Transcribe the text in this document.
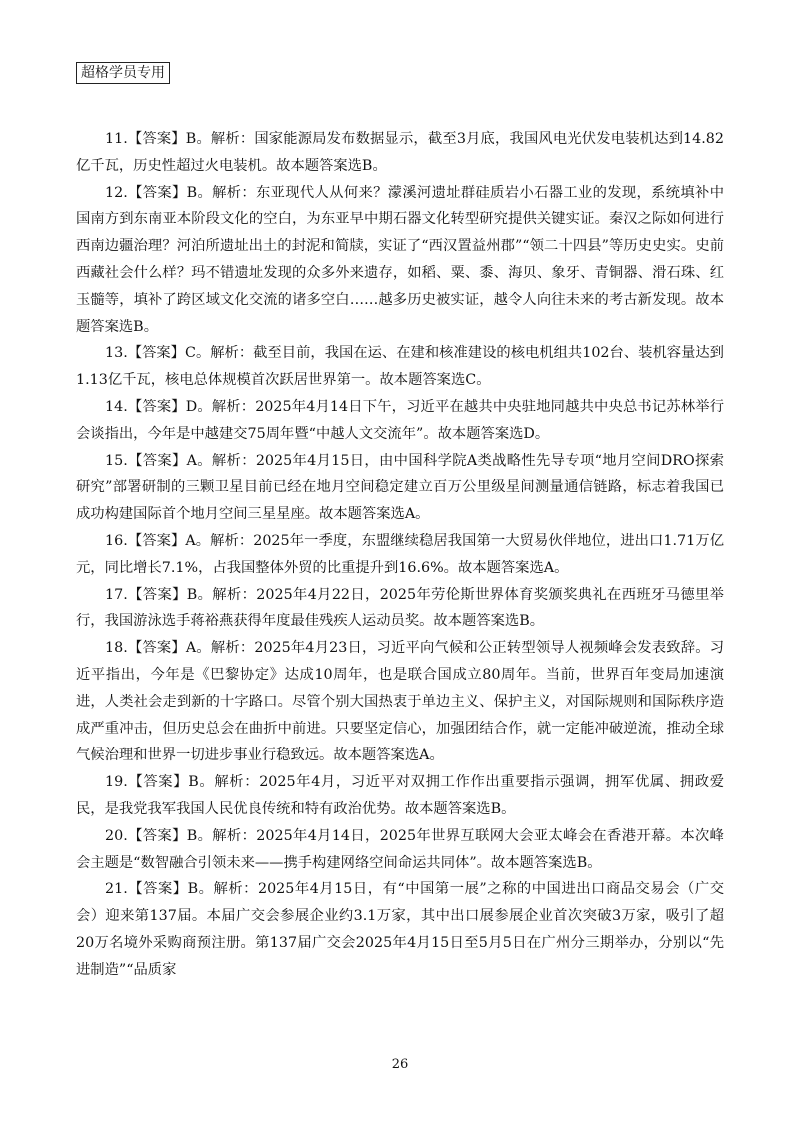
超格学员专用

11.【答案】B。解析：国家能源局发布数据显示，截至3月底，我国风电光伏发电装机达到14.82亿千瓦，历史性超过火电装机。故本题答案选B。

12.【答案】B。解析：东亚现代人从何来？濛溪河遗址群硅质岩小石器工业的发现，系统填补中国南方到东南亚本阶段文化的空白，为东亚早中期石器文化转型研究提供关键实证。秦汉之际如何进行西南边疆治理？河泊所遗址出土的封泥和简牍，实证了“西汉置益州郡”“领二十四县”等历史史实。史前西藏社会什么样？玛不错遗址发现的众多外来遗存，如稻、粟、黍、海贝、象牙、青铜器、滑石珠、红玉髓等，填补了跨区域文化交流的诸多空白……越多历史被实证，越令人向往未来的考古新发现。故本题答案选B。

13.【答案】C。解析：截至目前，我国在运、在建和核准建设的核电机组共102台、装机容量达到1.13亿千瓦，核电总体规模首次跃居世界第一。故本题答案选C。

14.【答案】D。解析：2025年4月14日下午，习近平在越共中央驻地同越共中央总书记苏林举行会谈指出，今年是中越建交75周年暨“中越人文交流年”。故本题答案选D。

15.【答案】A。解析：2025年4月15日，由中国科学院A类战略性先导专项“地月空间DRO探索研究”部署研制的三颗卫星目前已经在地月空间稳定建立百万公里级星间测量通信链路，标志着我国已成功构建国际首个地月空间三星星座。故本题答案选A。

16.【答案】A。解析：2025年一季度，东盟继续稳居我国第一大贸易伙伴地位，进出口1.71万亿元，同比增长7.1%，占我国整体外贸的比重提升到16.6%。故本题答案选A。

17.【答案】B。解析：2025年4月22日，2025年劳伦斯世界体育奖颁奖典礼在西班牙马德里举行，我国游泳选手蒋裕燕获得年度最佳残疾人运动员奖。故本题答案选B。

18.【答案】A。解析：2025年4月23日，习近平向气候和公正转型领导人视频峰会发表致辞。习近平指出，今年是《巴黎协定》达成10周年，也是联合国成立80周年。当前，世界百年变局加速演进，人类社会走到新的十字路口。尽管个别大国热衷于单边主义、保护主义，对国际规则和国际秩序造成严重冲击，但历史总会在曲折中前进。只要坚定信心，加强团结合作，就一定能冲破逆流，推动全球气候治理和世界一切进步事业行稳致远。故本题答案选A。

19.【答案】B。解析：2025年4月，习近平对双拥工作作出重要指示强调，拥军优属、拥政爱民，是我党我军我国人民优良传统和特有政治优势。故本题答案选B。

20.【答案】B。解析：2025年4月14日，2025年世界互联网大会亚太峰会在香港开幕。本次峰会主题是“数智融合引领未来——携手构建网络空间命运共同体”。故本题答案选B。

21.【答案】B。解析：2025年4月15日，有“中国第一展”之称的中国进出口商品交易会（广交会）迎来第137届。本届广交会参展企业约3.1万家，其中出口展参展企业首次突破3万家，吸引了超20万名境外采购商预注册。第137届广交会2025年4月15日至5月5日在广州分三期举办，分别以“先进制造”“品质家

26
